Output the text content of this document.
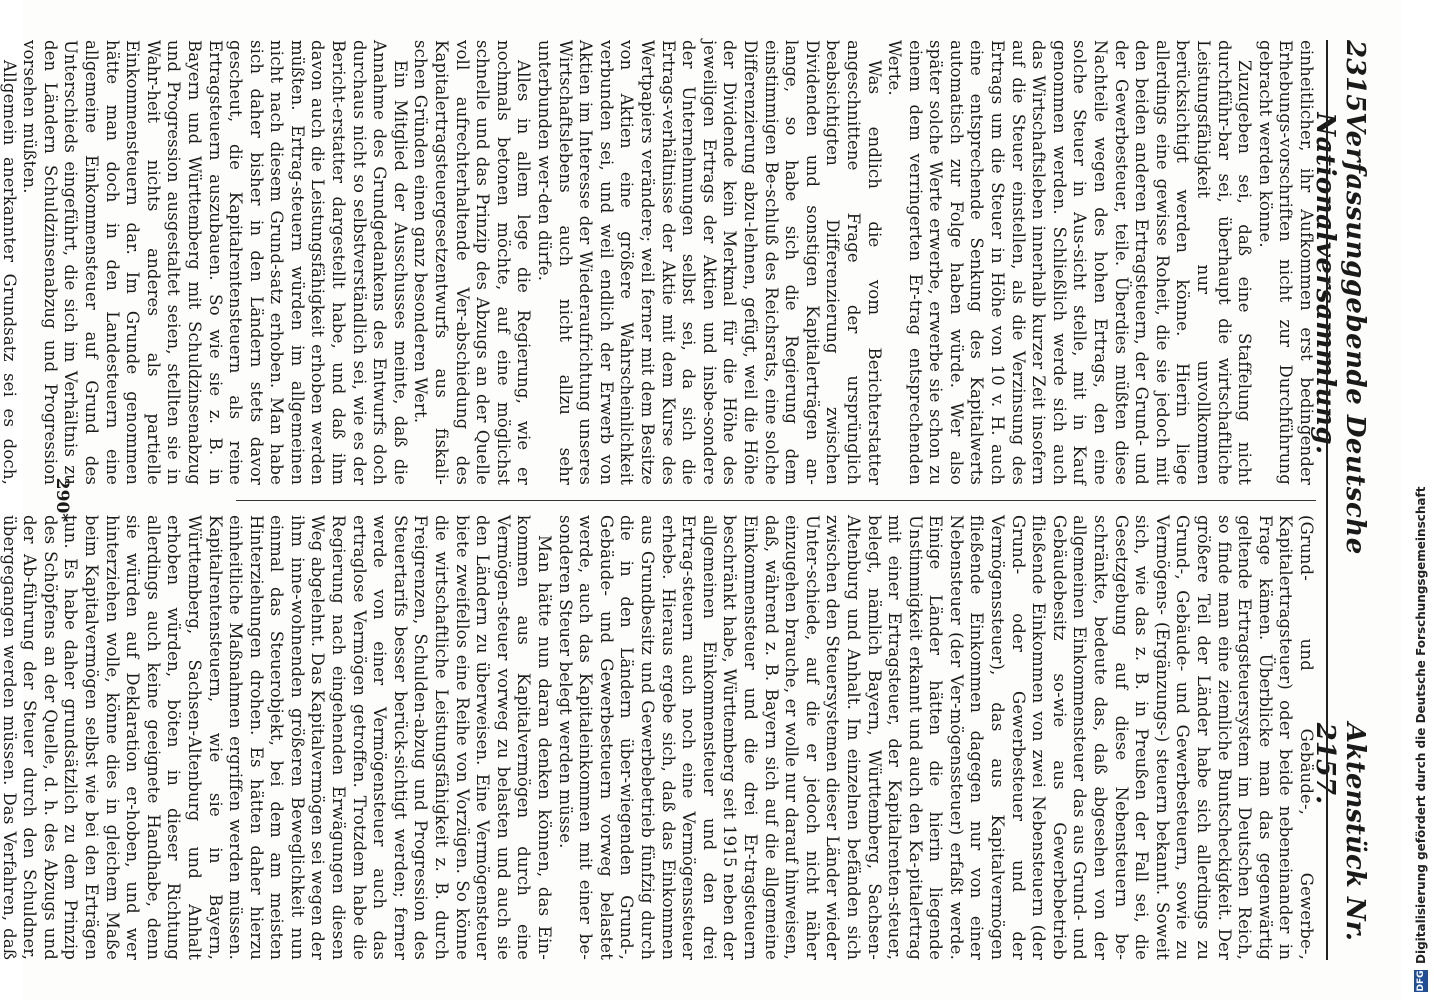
2315
Verfassunggebende Deutsche Nationalversammlung.
Aktenstück Nr. 2157.

einheitlicher, ihr Aufkommen erst bedingender Erhebungs-vorschriften nicht zur Durchführung gebracht werden könne.

Zuzugeben sei, daß eine Staffelung nicht durchführ-bar sei, überhaupt die wirtschaftliche Leistungsfähigkeit nur unvollkommen berücksichtigt werden könne. Hierin liege allerdings eine gewisse Roheit, die sie jedoch mit den beiden anderen Ertragsteuern, der Grund- und der Gewerbesteuer, teile. Überdies müßten diese Nachteile wegen des hohen Ertrags, den eine solche Steuer in Aus-sicht stelle, mit in Kauf genommen werden. Schließlich werde sich auch das Wirtschaftsleben innerhalb kurzer Zeit insofern auf die Steuer einstellen, als die Verzinsung des Ertrags um die Steuer in Höhe von 10 v. H. auch eine entsprechende Senkung des Kapitalwerts automatisch zur Folge haben würde. Wer also später solche Werte erwerbe, erwerbe sie schon zu einem dem verringerten Er-trag entsprechenden Werte.

Was endlich die vom Berichterstatter angeschnittene Frage der ursprünglich beabsichtigten Differenzierung zwischen Dividenden und sonstigen Kapitalerträgen an-lange, so habe sich die Regierung dem einstimmigen Be-schluß des Reichsrats, eine solche Differenzierung abzu-lehnen, gefügt, weil die Höhe der Dividende kein Merkmal für die Höhe des jeweiligen Ertrags der Aktien und insbe-sondere der Unternehmungen selbst sei, da sich die Ertrags-verhältnisse der Aktie mit dem Kurse des Wertpapiers verändere; weil ferner mit dem Besitze von Aktien eine größere Wahrscheinlichkeit verbunden sei, und weil endlich der Erwerb von Aktien im Interesse der Wiederaufrichtung unseres Wirtschaftslebens auch nicht allzu sehr unterbunden wer-den dürfe.

Alles in allem lege die Regierung, wie er nochmals betonen möchte, auf eine möglichst schnelle und das Prinzip des Abzugs an der Quelle voll aufrechterhaltende Ver-abschiedung des Kapitalertragsteuergesetzentwurfs aus fiskali-schen Gründen einen ganz besonderen Wert.

Ein Mitglied der Ausschusses meinte, daß die Annahme des Grundgedankens des Entwurfs doch durchaus nicht so selbstverständlich sei, wie es der Bericht-erstatter dargestellt habe, und daß ihm davon auch die Leistungsfähigkeit erhoben werden müßten. Ertrag-steuern würden im allgemeinen nicht nach diesem Grund-satz erhoben. Man habe sich daher bisher in den Ländern stets davor gescheut, die Kapitalrentensteuern als reine Ertragsteuern auszubauen. So wie sie z. B. in Bayern und Württemberg mit Schuldzinsenabzug und Progression ausgestaltet seien, stellten sie in Wahr-heit nichts anderes als partielle Einkommensteuern dar. Im Grunde genommen hätte man doch in den Landesteuern eine allgemeine Einkommensteuer auf Grund des Unterschieds eingeführt, die sich im Verhältnis zu den Ländern Schuldzinsenabzug und Progression vorsehen müßten.

Allgemein anerkannter Grundsatz sei es doch,

(Grund- und Gebäude-, Gewerbe-, Kapitalertragsteuer) oder beide nebeneinander in Frage kämen. Überblicke man das gegenwärtig geltende Ertragsteuersystem im Deutschen Reich, so finde man eine ziemliche Buntscheckigkeit. Der größere Teil der Länder habe sich allerdings zu Grund-, Gebäude- und Gewerbesteuern, sowie zu Vermögens- (Ergänzungs-) steuern bekannt. Soweit sich, wie das z. B. in Preußen der Fall sei, die Gesetzgebung auf diese Nebensteuern be-schränkte, bedeute das, daß abgesehen von der allgemeinen Einkommensteuer das aus Grund- und Gebäudebesitz so-wie aus Gewerbebetrieb fließende Einkommen von zwei Nebensteuern (der Grund- oder Gewerbesteuer und der Vermögenssteuer), das aus Kapitalvermögen fließende Einkommen dagegen nur von einer Nebensteuer (der Ver-mögenssteuer) erfaßt werde. Einige Länder hätten die hierin liegende Unstimmigkeit erkannt und auch den Ka-pitalertrag mit einer Ertragsteuer, der Kapitalrenten-steuer, belegt, nämlich Bayern, Württemberg, Sachsen-Altenburg und Anhalt. Im einzelnen befänden sich zwischen den Steuersystemen dieser Länder wieder Unter-schiede, auf die er jedoch nicht näher einzugehen brauche, er wolle nur darauf hinweisen, daß, während z. B. Bayern sich auf die allgemeine Einkommensteuer und die drei Er-tragsteuern beschränkt habe, Württemberg seit 1915 neben der allgemeinen Einkommensteuer und den drei Ertrag-steuern auch noch eine Vermögenssteuer erhebe. Hieraus ergebe sich, daß das Einkommen aus Grundbesitz und Gewerbebetrieb fünfzig durch die in den Ländern über-wiegenden Grund-, Gebäude- und Gewerbesteuern vorweg belastet werde, auch das Kapitaleinkommen mit einer be-sonderen Steuer belegt werden müsse.

Man hätte nun daran denken können, das Ein-kommen aus Kapitalvermögen durch eine Vermögen-steuer vorweg zu belasten und auch sie den Ländern zu überweisen. Eine Vermögensteuer biete zweifellos eine Reihe von Vorzügen. So könne die wirtschaftliche Leistungsfähigkeit z. B. durch Freigrenzen, Schulden-abzug und Progression des Steuertarifs besser berück-sichtigt werden; ferner werde von einer Vermögensteuer auch das ertraglose Vermögen getroffen. Trotzdem habe die Regierung nach eingehenden Erwägungen diesen Weg abgelehnt. Das Kapitalvermögen sei wegen der ihm inne-wohnenden größeren Beweglichkeit nun einmal das Steuerobjekt, bei dem am meisten Hinterziehungen drohen. Es hätten daher hierzu einheitliche Maßnahmen ergriffen werden müssen. Kapitalrentensteuern, wie sie in Bayern, Württemberg, Sachsen-Altenburg und Anhalt erhoben würden, böten in dieser Richtung allerdings auch keine geeignete Handhabe, denn sie würden auf Deklaration er-hoben, und wer hinterziehen wolle, könne dies in gleichem Maße beim Kapitalvermögen selbst wie bei den Erträgen tun. Es habe daher grundsätzlich zu dem Prinzip des Schöpfens an der Quelle, d. h. des Abzugs und der Ab-führung der Steuer durch den Schuldner, übergegangen werden müssen. Das Verfahren, daß

290*
DFG
Digitalisierung gefördert durch die Deutsche Forschungsgemeinschaft
